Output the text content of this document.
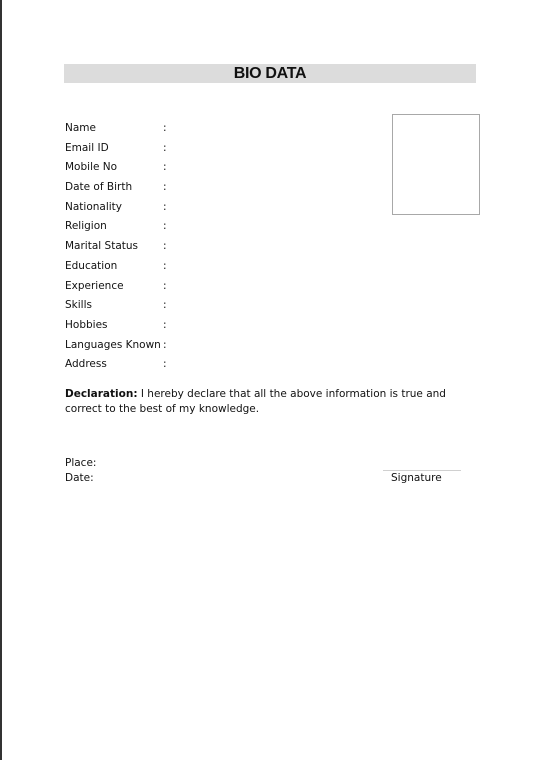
BIO DATA
Name	:
Email ID	:
Mobile No	:
Date of Birth	:
Nationality	:
Religion	:
Marital Status :
Education	:
Experience	:
Skills	:
Hobbies	:
Languages Known :
Address	:
Declaration: I hereby declare that all the above information is true and correct to the best of my knowledge.
Place:
Date:	Signature
